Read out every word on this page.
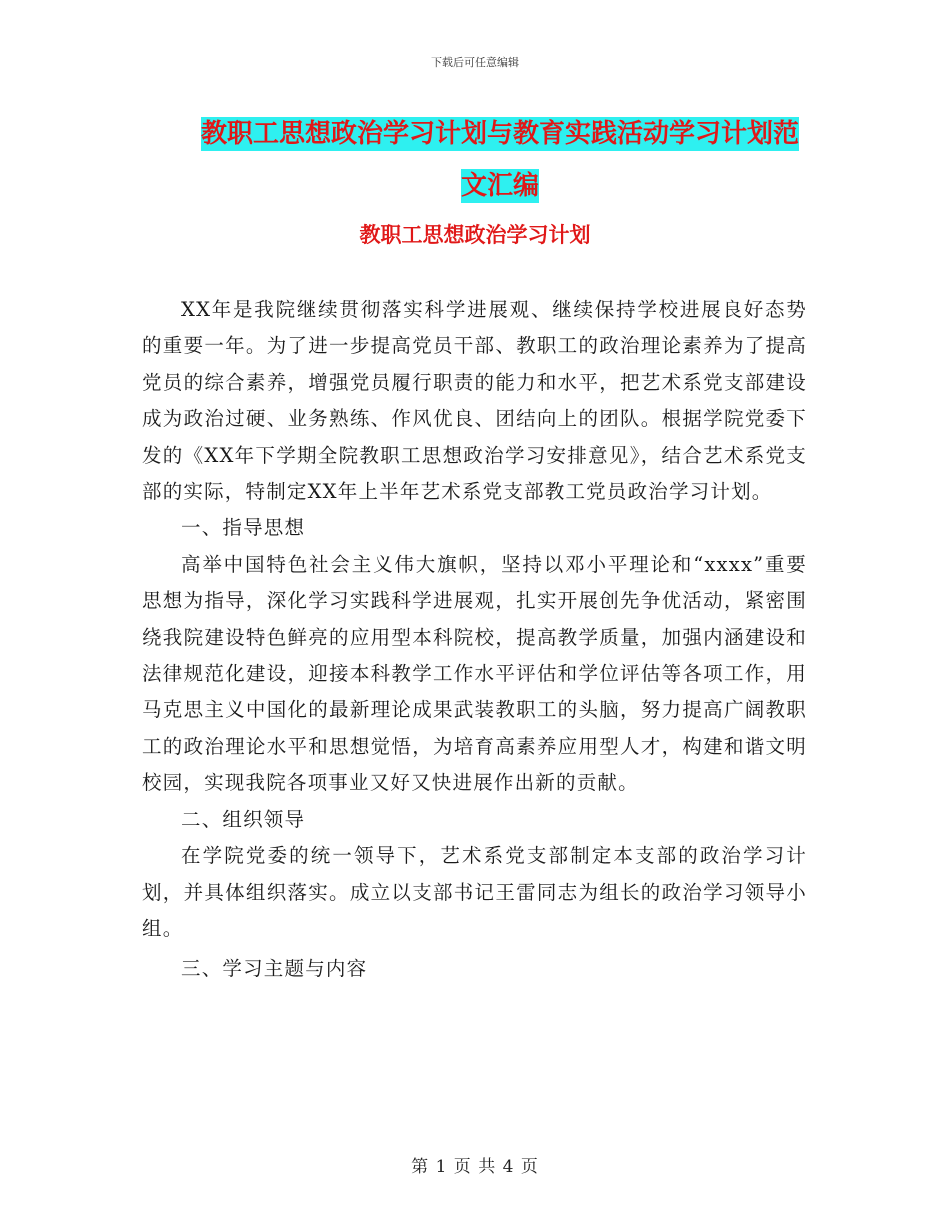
下载后可任意编辑
教职工思想政治学习计划与教育实践活动学习计划范
文汇编
教职工思想政治学习计划

XX年是我院继续贯彻落实科学进展观、继续保持学校进展良好态势的重要一年。为了进一步提高党员干部、教职工的政治理论素养为了提高党员的综合素养，增强党员履行职责的能力和水平，把艺术系党支部建设成为政治过硬、业务熟练、作风优良、团结向上的团队。根据学院党委下发的《XX年下学期全院教职工思想政治学习安排意见》，结合艺术系党支部的实际，特制定XX年上半年艺术系党支部教工党员政治学习计划。

一、指导思想

高举中国特色社会主义伟大旗帜，坚持以邓小平理论和“xxxx”重要思想为指导，深化学习实践科学进展观，扎实开展创先争优活动，紧密围绕我院建设特色鲜亮的应用型本科院校，提高教学质量，加强内涵建设和法律规范化建设，迎接本科教学工作水平评估和学位评估等各项工作，用马克思主义中国化的最新理论成果武装教职工的头脑，努力提高广阔教职工的政治理论水平和思想觉悟，为培育高素养应用型人才，构建和谐文明校园，实现我院各项事业又好又快进展作出新的贡献。

二、组织领导

在学院党委的统一领导下，艺术系党支部制定本支部的政治学习计划，并具体组织落实。成立以支部书记王雷同志为组长的政治学习领导小组。

三、学习主题与内容

第 1 页 共 4 页
